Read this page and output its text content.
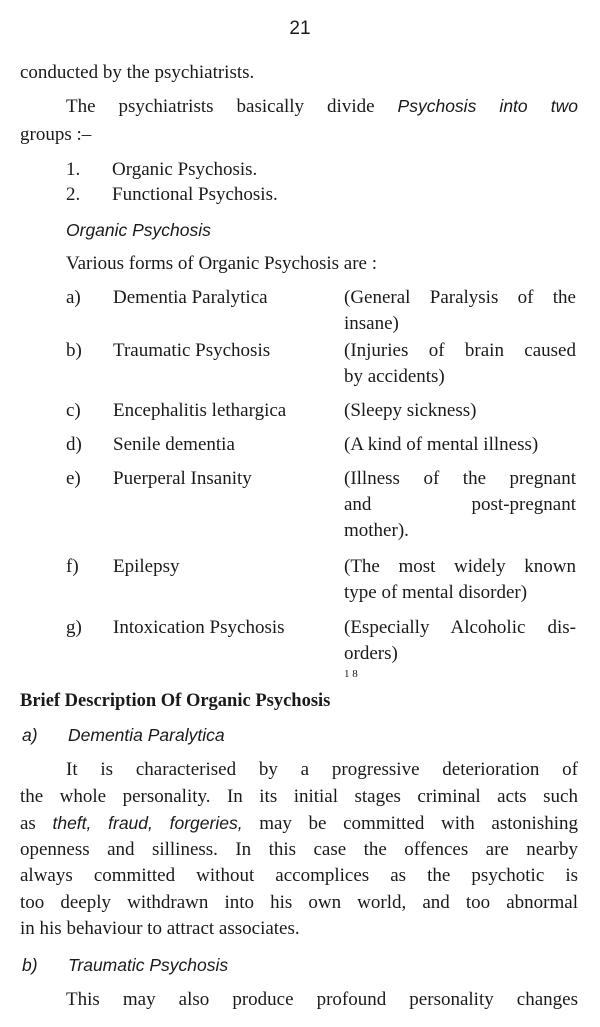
21
conducted by the psychiatrists.
The psychiatrists basically divide Psychosis into two
groups :–
1. Organic Psychosis.
2. Functional Psychosis.
Organic Psychosis
Various forms of Organic Psychosis are :
a) Dementia Paralytica	(General Paralysis of the
insane)
b) Traumatic Psychosis	(Injuries of brain caused
by accidents)
c) Encephalitis lethargica	(Sleepy sickness)
d) Senile dementia	(A kind of mental illness)
e) Puerperal Insanity	(Illness of the pregnant
and post-pregnant
mother).
f) Epilepsy	(The most widely known
type of mental disorder)
g) Intoxication Psychosis	(Especially Alcoholic dis-
orders)
$^{1 8}$
Brief Description Of Organic Psychosis
a) Dementia Paralytica
It is characterised by a progressive deterioration of
the whole personality. In its initial stages criminal acts such
as theft, fraud, forgeries, may be committed with astonishing
openness and silliness. In this case the offences are nearby
always committed without accomplices as the psychotic is
too deeply withdrawn into his own world, and too abnormal
in his behaviour to attract associates.
b) Traumatic Psychosis
This may also produce profound personality changes
